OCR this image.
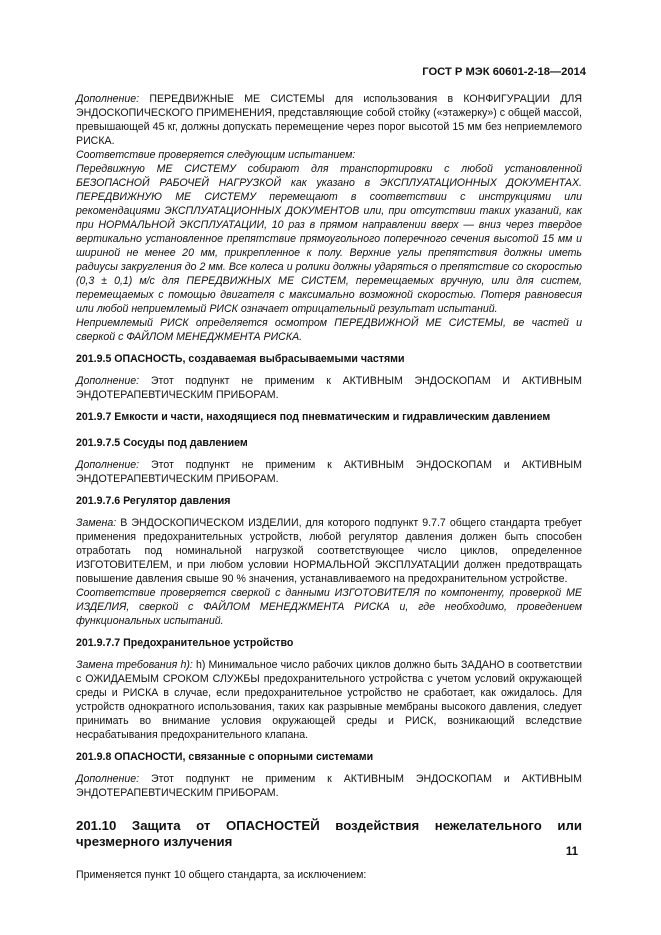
ГОСТ Р МЭК 60601-2-18—2014

Дополнение: ПЕРЕДВИЖНЫЕ МЕ СИСТЕМЫ для использования в КОНФИГУРАЦИИ ДЛЯ ЭНДОСКОПИЧЕСКОГО ПРИМЕНЕНИЯ, представляющие собой стойку («этажерку») с общей массой, превышающей 45 кг, должны допускать перемещение через порог высотой 15 мм без неприемлемого РИСКА.

Соответствие проверяется следующим испытанием:

Передвижную МЕ СИСТЕМУ собирают для транспортировки с любой установленной БЕЗОПАСНОЙ РАБОЧЕЙ НАГРУЗКОЙ как указано в ЭКСПЛУАТАЦИОННЫХ ДОКУМЕНТАХ. ПЕРЕДВИЖНУЮ МЕ СИСТЕМУ перемещают в соответствии с инструкциями или рекомендациями ЭКСПЛУАТАЦИОННЫХ ДОКУМЕНТОВ или, при отсутствии таких указаний, как при НОРМАЛЬНОЙ ЭКСПЛУАТАЦИИ, 10 раз в прямом направлении вверх — вниз через твердое вертикально установленное препятствие прямоугольного поперечного сечения высотой 15 мм и шириной не менее 20 мм, прикрепленное к полу. Верхние углы препятствия должны иметь радиусы закругления до 2 мм. Все колеса и ролики должны ударяться о препятствие со скоростью (0,3 ± 0,1) м/с для ПЕРЕДВИЖНЫХ МЕ СИСТЕМ, перемещаемых вручную, или для систем, перемещаемых с помощью двигателя с максимально возможной скоростью. Потеря равновесия или любой неприемлемый РИСК означает отрицательный результат испытаний.

Неприемлемый РИСК определяется осмотром ПЕРЕДВИЖНОЙ МЕ СИСТЕМЫ, ве частей и сверкой с ФАЙЛОМ МЕНЕДЖМЕНТА РИСКА.

201.9.5 ОПАСНОСТЬ, создаваемая выбрасываемыми частями

Дополнение: Этот подпункт не применим к АКТИВНЫМ ЭНДОСКОПАМ И АКТИВНЫМ ЭНДОТЕРАПЕВТИЧЕСКИМ ПРИБОРАМ.

201.9.7 Емкости и части, находящиеся под пневматическим и гидравлическим давлением

201.9.7.5 Сосуды под давлением

Дополнение: Этот подпункт не применим к АКТИВНЫМ ЭНДОСКОПАМ и АКТИВНЫМ ЭНДОТЕРАПЕВТИЧЕСКИМ ПРИБОРАМ.

201.9.7.6 Регулятор давления

Замена: В ЭНДОСКОПИЧЕСКОМ ИЗДЕЛИИ, для которого подпункт 9.7.7 общего стандарта требует применения предохранительных устройств, любой регулятор давления должен быть способен отработать под номинальной нагрузкой соответствующее число циклов, определенное ИЗГОТОВИТЕЛЕМ, и при любом условии НОРМАЛЬНОЙ ЭКСПЛУАТАЦИИ должен предотвращать повышение давления свыше 90 % значения, устанавливаемого на предохранительном устройстве.

Соответствие проверяется сверкой с данными ИЗГОТОВИТЕЛЯ по компоненту, проверкой МЕ ИЗДЕЛИЯ, сверкой с ФАЙЛОМ МЕНЕДЖМЕНТА РИСКА и, где необходимо, проведением функциональных испытаний.

201.9.7.7 Предохранительное устройство

Замена требования h): h) Минимальное число рабочих циклов должно быть ЗАДАНО в соответствии с ОЖИДАЕМЫМ СРОКОМ СЛУЖБЫ предохранительного устройства с учетом условий окружающей среды и РИСКА в случае, если предохранительное устройство не сработает, как ожидалось. Для устройств однократного использования, таких как разрывные мембраны высокого давления, следует принимать во внимание условия окружающей среды и РИСК, возникающий вследствие несрабатывания предохранительного клапана.

201.9.8 ОПАСНОСТИ, связанные с опорными системами

Дополнение: Этот подпункт не применим к АКТИВНЫМ ЭНДОСКОПАМ и АКТИВНЫМ ЭНДОТЕРАПЕВТИЧЕСКИМ ПРИБОРАМ.

201.10 Защита от ОПАСНОСТЕЙ воздействия нежелательного или чрезмерного излучения

Применяется пункт 10 общего стандарта, за исключением:

11
